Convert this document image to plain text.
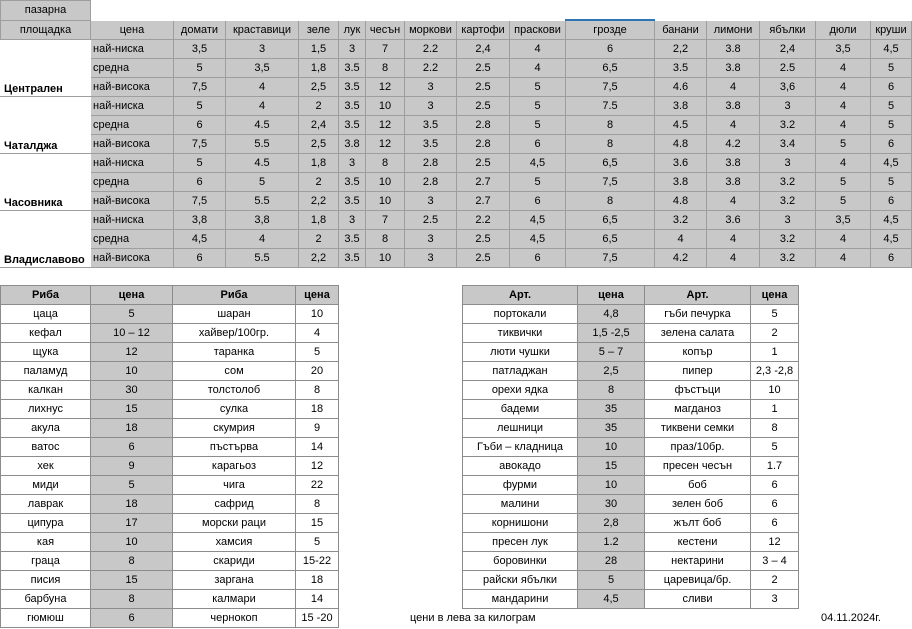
пазарна															
площадка	цена	домати	краставици	зеле	лук	чесън	моркови	картофи	праскови	грозде	банани	лимони	ябълки	дюли	круши
Централен	най-ниска	3,5	3	1,5	3	7	2.2	2,4	4	6	2,2	3.8	2,4	3,5	4,5
	средна	5	3,5	1,8	3.5	8	2.2	2.5	4	6,5	3.5	3.8	2.5	4	5
	най-висока	7,5	4	2,5	3.5	12	3	2.5	5	7,5	4.6	4	3,6	4	6
Чаталджа	най-ниска	5	4	2	3.5	10	3	2.5	5	7.5	3.8	3.8	3	4	5
	средна	6	4.5	2,4	3.5	12	3.5	2.8	5	8	4.5	4	3.2	4	5
	най-висока	7,5	5.5	2,5	3.8	12	3.5	2.8	6	8	4.8	4.2	3.4	5	6
Часовника	най-ниска	5	4.5	1,8	3	8	2.8	2.5	4,5	6,5	3.6	3.8	3	4	4,5
	средна	6	5	2	3.5	10	2.8	2.7	5	7,5	3.8	3.8	3.2	5	5
	най-висока	7,5	5.5	2,2	3.5	10	3	2.7	6	8	4.8	4	3.2	5	6
Владиславово	най-ниска	3,8	3,8	1,8	3	7	2.5	2.2	4,5	6,5	3.2	3.6	3	3,5	4,5
	средна	4,5	4	2	3.5	8	3	2.5	4,5	6,5	4	4	3.2	4	4,5
	най-висока	6	5.5	2,2	3.5	10	3	2.5	6	7,5	4.2	4	3.2	4	6
Риба	цена	Риба	цена
цаца	5	шаран	10
кефал	10 – 12	хайвер/100гр.	4
щука	12	таранка	5
паламуд	10	сом	20
калкан	30	толстолоб	8
лихнус	15	сулка	18
акула	18	скумрия	9
ватос	6	пъстърва	14
хек	9	карагьоз	12
миди	5	чига	22
лаврак	18	сафрид	8
ципура	17	морски раци	15
кая	10	хамсия	5
граца	8	скариди	15-22
писия	15	заргана	18
барбуна	8	калмари	14
гюмюш	6	чернокоп	15 -20
Арт.	цена	Арт.	цена
портокали	4,8	гъби печурка	5
тиквички	1,5 -2,5	зелена салата	2
люти чушки	5 – 7	копър	1
патладжан	2,5	пипер	2,3 -2,8
орехи ядка	8	фъстъци	10
бадеми	35	магданоз	1
лешници	35	тиквени семки	8
Гъби – кладница	10	праз/10бр.	5
авокадо	15	пресен чесън	1.7
фурми	10	боб	6
малини	30	зелен боб	6
корнишони	2,8	жълт боб	6
пресен лук	1.2	кестени	12
боровинки	28	нектарини	3 – 4
райски ябълки	5	царевица/бр.	2
мандарини	4,5	сливи	3
цени в лева за килограм	04.11.2024г.
